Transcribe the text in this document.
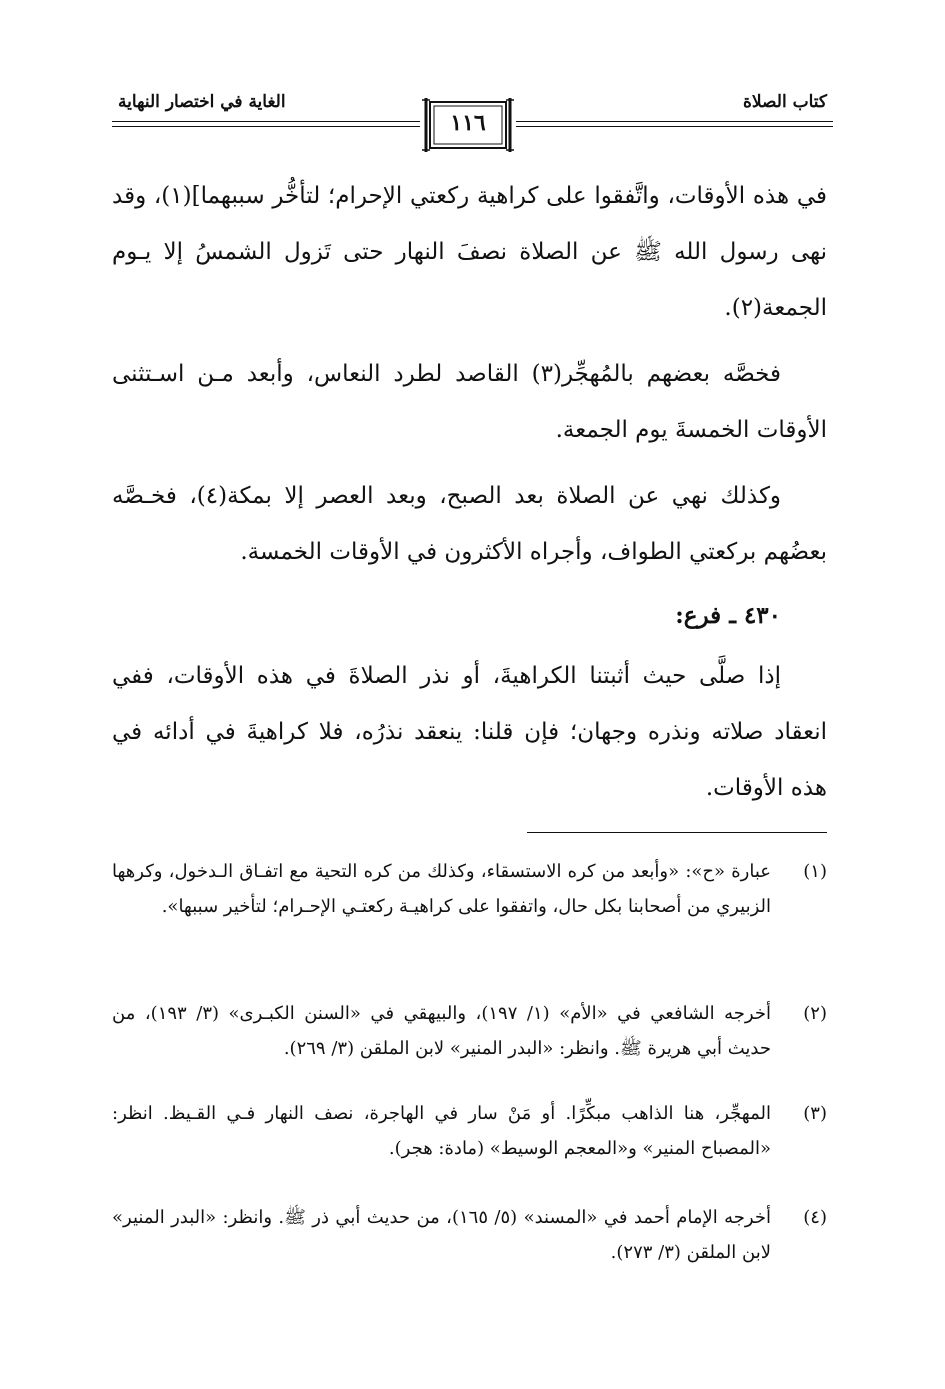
كتاب الصلاة
الغاية في اختصار النهاية
١١٦
في هذه الأوقات، واتَّفقوا على كراهية ركعتي الإحرام؛ لتأخُّر سببهما](١)، وقد نهى رسول الله ﷺ عن الصلاة نصفَ النهار حتى تَزول الشمسُ إلا يـوم الجمعة(٢).
فخصَّه بعضهم بالمُهجِّر(٣) القاصد لطرد النعاس، وأبعد مـن اسـتثنى الأوقات الخمسةَ يوم الجمعة.
وكذلك نهي عن الصلاة بعد الصبح، وبعد العصر إلا بمكة(٤)، فخـصَّه بعضُهم بركعتي الطواف، وأجراه الأكثرون في الأوقات الخمسة.
٤٣٠ ـ فرع:
إذا صلَّى حيث أثبتنا الكراهيةَ، أو نذر الصلاةَ في هذه الأوقات، ففي انعقاد صلاته ونذره وجهان؛ فإن قلنا: ينعقد نذرُه، فلا كراهيةَ في أدائه في هذه الأوقات.
(١)
عبارة «ح»: «وأبعد من كره الاستسقاء، وكذلك من كره التحية مع اتفـاق الـدخول، وكرهها الزبيري من أصحابنا بكل حال، واتفقوا على كراهيـة ركعتـي الإحـرام؛ لتأخير سببها».
(٢)
أخرجه الشافعي في «الأم» (١/ ١٩٧)، والبيهقي في «السنن الكبـرى» (٣/ ١٩٣)، من حديث أبي هريرة ﷺ. وانظر: «البدر المنير» لابن الملقن (٣/ ٢٦٩).
(٣)
المهجِّر، هنا الذاهب مبكِّرًا. أو مَنْ سار في الهاجرة، نصف النهار فـي القـيظ. انظر: «المصباح المنير» و«المعجم الوسيط» (مادة: هجر).
(٤)
أخرجه الإمام أحمد في «المسند» (٥/ ١٦٥)، من حديث أبي ذر ﷺ. وانظر: «البدر المنير» لابن الملقن (٣/ ٢٧٣).
